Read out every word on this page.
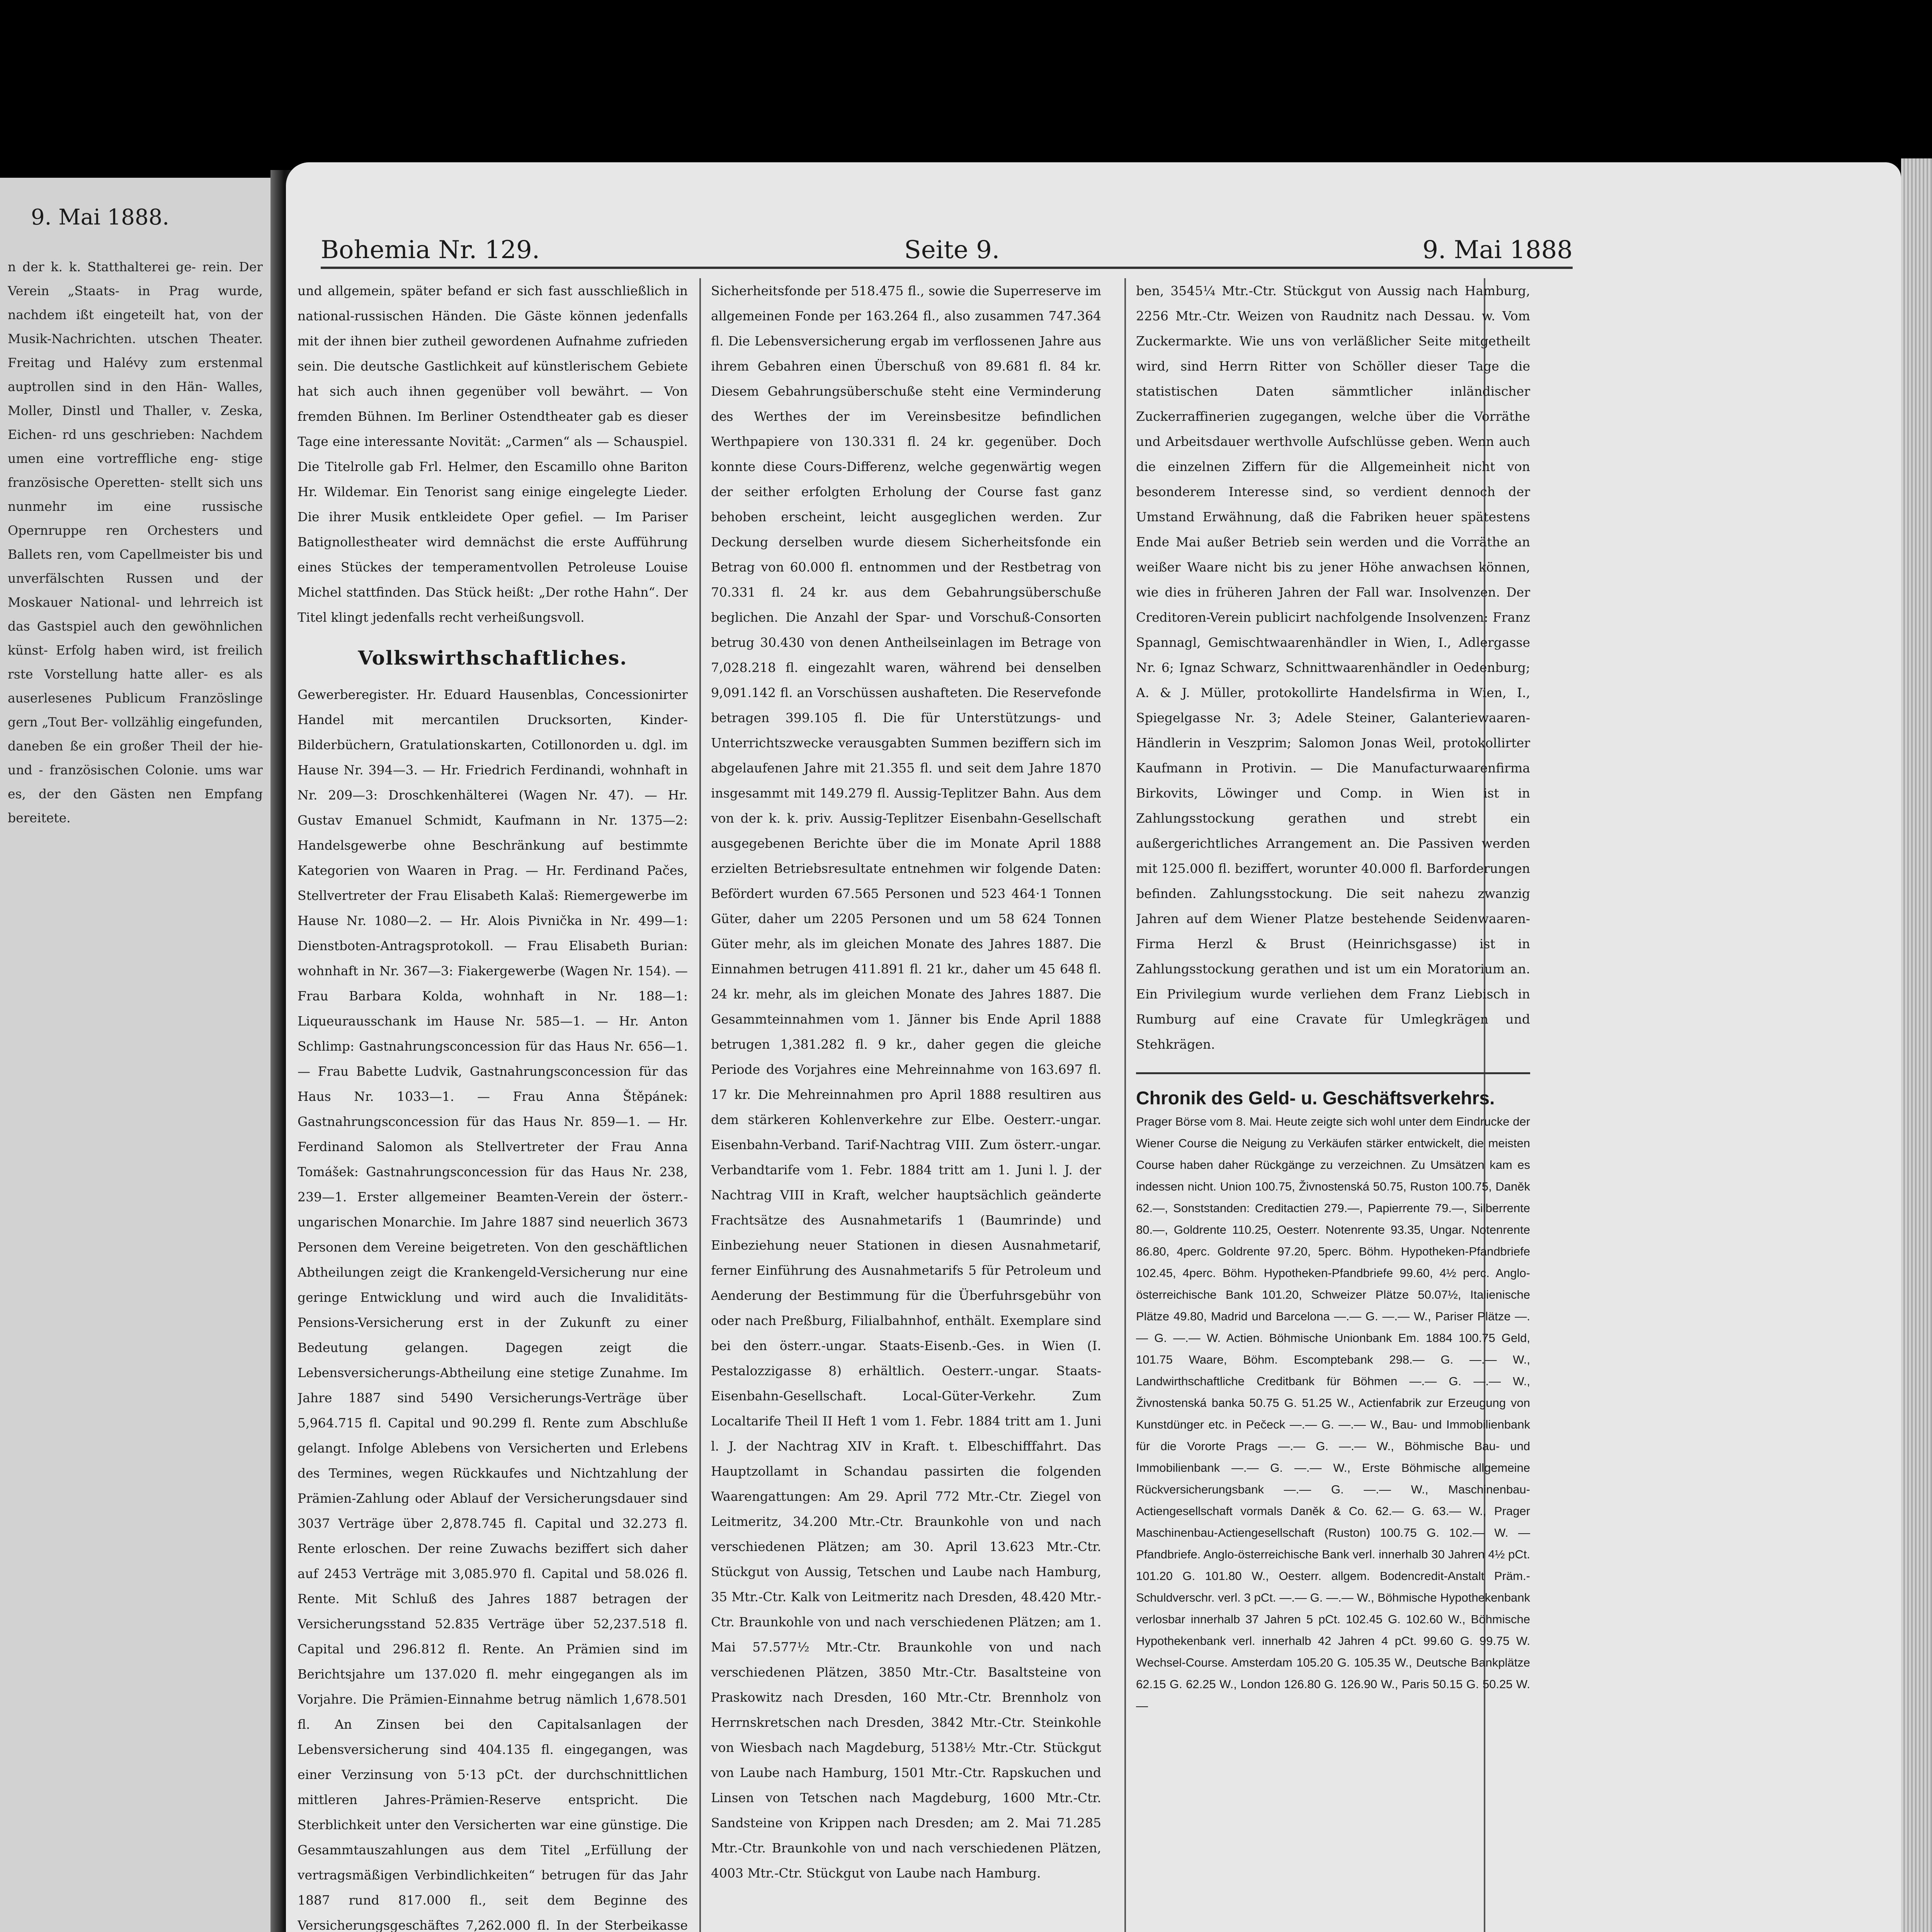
9. Mai 1888.
n der k. k. Statthalterei ge- rein. Der Verein „Staats- in Prag wurde, nachdem ißt eingeteilt hat, von der Musik-Nachrichten. utschen Theater. Freitag und Halévy zum erstenmal auptrollen sind in den Hän- Walles, Moller, Dinstl und Thaller, v. Zeska, Eichen- rd uns geschrieben: Nachdem umen eine vortreffliche eng- stige französische Operetten- stellt sich uns nunmehr im eine russische Opernruppe ren Orchesters und Ballets ren, vom Capellmeister bis und unverfälschten Russen und der Moskauer National- und lehrreich ist das Gastspiel auch den gewöhnlichen künst- Erfolg haben wird, ist freilich rste Vorstellung hatte aller- es als auserlesenes Publicum Französlinge gern „Tout Ber- vollzählig eingefunden, daneben ße ein großer Theil der hie- und - französischen Colonie. ums war es, der den Gästen nen Empfang bereitete.
Bohemia Nr. 129.	Seite 9.	9. Mai 1888
und allgemein, später befand er sich fast ausschließlich in national-russischen Händen. Die Gäste können jedenfalls mit der ihnen bier zutheil gewordenen Aufnahme zufrieden sein. Die deutsche Gastlichkeit auf künstlerischem Gebiete hat sich auch ihnen gegenüber voll bewährt. — Von fremden Bühnen. Im Berliner Ostendtheater gab es dieser Tage eine interessante Novität: „Carmen“ als — Schauspiel. Die Titelrolle gab Frl. Helmer, den Escamillo ohne Bariton Hr. Wildemar. Ein Tenorist sang einige eingelegte Lieder. Die ihrer Musik entkleidete Oper gefiel. — Im Pariser Batignollestheater wird demnächst die erste Aufführung eines Stückes der temperamentvollen Petroleuse Louise Michel stattfinden. Das Stück heißt: „Der rothe Hahn“. Der Titel klingt jedenfalls recht verheißungsvoll.
Volkswirthschaftliches.
Gewerberegister. Hr. Eduard Hausenblas, Concessionirter Handel mit mercantilen Drucksorten, Kinder-Bilderbüchern, Gratulationskarten, Cotillonorden u. dgl. im Hause Nr. 394—3. — Hr. Friedrich Ferdinandi, wohnhaft in Nr. 209—3: Droschkenhälterei (Wagen Nr. 47). — Hr. Gustav Emanuel Schmidt, Kaufmann in Nr. 1375—2: Handelsgewerbe ohne Beschränkung auf bestimmte Kategorien von Waaren in Prag. — Hr. Ferdinand Pačes, Stellvertreter der Frau Elisabeth Kalaš: Riemergewerbe im Hause Nr. 1080—2. — Hr. Alois Pivnička in Nr. 499—1: Dienstboten-Antragsprotokoll. — Frau Elisabeth Burian: wohnhaft in Nr. 367—3: Fiakergewerbe (Wagen Nr. 154). — Frau Barbara Kolda, wohnhaft in Nr. 188—1: Liqueurausschank im Hause Nr. 585—1. — Hr. Anton Schlimp: Gastnahrungsconcession für das Haus Nr. 656—1. — Frau Babette Ludvik, Gastnahrungsconcession für das Haus Nr. 1033—1. — Frau Anna Štěpánek: Gastnahrungsconcession für das Haus Nr. 859—1. — Hr. Ferdinand Salomon als Stellvertreter der Frau Anna Tomášek: Gastnahrungsconcession für das Haus Nr. 238, 239—1. Erster allgemeiner Beamten-Verein der österr.-ungarischen Monarchie. Im Jahre 1887 sind neuerlich 3673 Personen dem Vereine beigetreten. Von den geschäftlichen Abtheilungen zeigt die Krankengeld-Versicherung nur eine geringe Entwicklung und wird auch die Invaliditäts-Pensions-Versicherung erst in der Zukunft zu einer Bedeutung gelangen. Dagegen zeigt die Lebensversicherungs-Abtheilung eine stetige Zunahme. Im Jahre 1887 sind 5490 Versicherungs-Verträge über 5,964.715 fl. Capital und 90.299 fl. Rente zum Abschluße gelangt. Infolge Ablebens von Versicherten und Erlebens des Termines, wegen Rückkaufes und Nichtzahlung der Prämien-Zahlung oder Ablauf der Versicherungsdauer sind 3037 Verträge über 2,878.745 fl. Capital und 32.273 fl. Rente erloschen. Der reine Zuwachs beziffert sich daher auf 2453 Verträge mit 3,085.970 fl. Capital und 58.026 fl. Rente. Mit Schluß des Jahres 1887 betragen der Versicherungsstand 52.835 Verträge über 52,237.518 fl. Capital und 296.812 fl. Rente. An Prämien sind im Berichtsjahre um 137.020 fl. mehr eingegangen als im Vorjahre. Die Prämien-Einnahme betrug nämlich 1,678.501 fl. An Zinsen bei den Capitalsanlagen der Lebensversicherung sind 404.135 fl. eingegangen, was einer Verzinsung von 5·13 pCt. der durchschnittlichen mittleren Jahres-Prämien-Reserve entspricht. Die Sterblichkeit unter den Versicherten war eine günstige. Die Gesammtauszahlungen aus dem Titel „Erfüllung der vertragsmäßigen Verbindlichkeiten“ betrugen für das Jahr 1887 rund 817.000 fl., seit dem Beginne des Versicherungsgeschäftes 7,262.000 fl. In der Sterbeikasse
Sicherheitsfonde per 518.475 fl., sowie die Superreserve im allgemeinen Fonde per 163.264 fl., also zusammen 747.364 fl. Die Lebensversicherung ergab im verflossenen Jahre aus ihrem Gebahren einen Überschuß von 89.681 fl. 84 kr. Diesem Gebahrungsüberschuße steht eine Verminderung des Werthes der im Vereinsbesitze befindlichen Werthpapiere von 130.331 fl. 24 kr. gegenüber. Doch konnte diese Cours-Differenz, welche gegenwärtig wegen der seither erfolgten Erholung der Course fast ganz behoben erscheint, leicht ausgeglichen werden. Zur Deckung derselben wurde diesem Sicherheitsfonde ein Betrag von 60.000 fl. entnommen und der Restbetrag von 70.331 fl. 24 kr. aus dem Gebahrungsüberschuße beglichen. Die Anzahl der Spar- und Vorschuß-Consorten betrug 30.430 von denen Antheilseinlagen im Betrage von 7,028.218 fl. eingezahlt waren, während bei denselben 9,091.142 fl. an Vorschüssen aushafteten. Die Reservefonde betragen 399.105 fl. Die für Unterstützungs- und Unterrichtszwecke verausgabten Summen beziffern sich im abgelaufenen Jahre mit 21.355 fl. und seit dem Jahre 1870 insgesammt mit 149.279 fl. Aussig-Teplitzer Bahn. Aus dem von der k. k. priv. Aussig-Teplitzer Eisenbahn-Gesellschaft ausgegebenen Berichte über die im Monate April 1888 erzielten Betriebsresultate entnehmen wir folgende Daten: Befördert wurden 67.565 Personen und 523 464·1 Tonnen Güter, daher um 2205 Personen und um 58 624 Tonnen Güter mehr, als im gleichen Monate des Jahres 1887. Die Einnahmen betrugen 411.891 fl. 21 kr., daher um 45 648 fl. 24 kr. mehr, als im gleichen Monate des Jahres 1887. Die Gesammteinnahmen vom 1. Jänner bis Ende April 1888 betrugen 1,381.282 fl. 9 kr., daher gegen die gleiche Periode des Vorjahres eine Mehreinnahme von 163.697 fl. 17 kr. Die Mehreinnahmen pro April 1888 resultiren aus dem stärkeren Kohlenverkehre zur Elbe. Oesterr.-ungar. Eisenbahn-Verband. Tarif-Nachtrag VIII. Zum österr.-ungar. Verbandtarife vom 1. Febr. 1884 tritt am 1. Juni l. J. der Nachtrag VIII in Kraft, welcher hauptsächlich geänderte Frachtsätze des Ausnahmetarifs 1 (Baumrinde) und Einbeziehung neuer Stationen in diesen Ausnahmetarif, ferner Einführung des Ausnahmetarifs 5 für Petroleum und Aenderung der Bestimmung für die Überfuhrsgebühr von oder nach Preßburg, Filialbahnhof, enthält. Exemplare sind bei den österr.-ungar. Staats-Eisenb.-Ges. in Wien (I. Pestalozzigasse 8) erhältlich. Oesterr.-ungar. Staats-Eisenbahn-Gesellschaft. Local-Güter-Verkehr. Zum Localtarife Theil II Heft 1 vom 1. Febr. 1884 tritt am 1. Juni l. J. der Nachtrag XIV in Kraft. t. Elbeschifffahrt. Das Hauptzollamt in Schandau passirten die folgenden Waarengattungen: Am 29. April 772 Mtr.-Ctr. Ziegel von Leitmeritz, 34.200 Mtr.-Ctr. Braunkohle von und nach verschiedenen Plätzen; am 30. April 13.623 Mtr.-Ctr. Stückgut von Aussig, Tetschen und Laube nach Hamburg, 35 Mtr.-Ctr. Kalk von Leitmeritz nach Dresden, 48.420 Mtr.-Ctr. Braunkohle von und nach verschiedenen Plätzen; am 1. Mai 57.577½ Mtr.-Ctr. Braunkohle von und nach verschiedenen Plätzen, 3850 Mtr.-Ctr. Basaltsteine von Praskowitz nach Dresden, 160 Mtr.-Ctr. Brennholz von Herrnskretschen nach Dresden, 3842 Mtr.-Ctr. Steinkohle von Wiesbach nach Magdeburg, 5138½ Mtr.-Ctr. Stückgut von Laube nach Hamburg, 1501 Mtr.-Ctr. Rapskuchen und Linsen von Tetschen nach Magdeburg, 1600 Mtr.-Ctr. Sandsteine von Krippen nach Dresden; am 2. Mai 71.285 Mtr.-Ctr. Braunkohle von und nach verschiedenen Plätzen, 4003 Mtr.-Ctr. Stückgut von Laube nach Hamburg.
ben, 3545¼ Mtr.-Ctr. Stückgut von Aussig nach Hamburg, 2256 Mtr.-Ctr. Weizen von Raudnitz nach Dessau. w. Vom Zuckermarkte. Wie uns von verläßlicher Seite mitgetheilt wird, sind Herrn Ritter von Schöller dieser Tage die statistischen Daten sämmtlicher inländischer Zuckerraffinerien zugegangen, welche über die Vorräthe und Arbeitsdauer werthvolle Aufschlüsse geben. Wenn auch die einzelnen Ziffern für die Allgemeinheit nicht von besonderem Interesse sind, so verdient dennoch der Umstand Erwähnung, daß die Fabriken heuer spätestens Ende Mai außer Betrieb sein werden und die Vorräthe an weißer Waare nicht bis zu jener Höhe anwachsen können, wie dies in früheren Jahren der Fall war. Insolvenzen. Der Creditoren-Verein publicirt nachfolgende Insolvenzen: Franz Spannagl, Gemischtwaarenhändler in Wien, I., Adlergasse Nr. 6; Ignaz Schwarz, Schnittwaarenhändler in Oedenburg; A. & J. Müller, protokollirte Handelsfirma in Wien, I., Spiegelgasse Nr. 3; Adele Steiner, Galanteriewaaren-Händlerin in Veszprim; Salomon Jonas Weil, protokollirter Kaufmann in Protivin. — Die Manufacturwaarenfirma Birkovits, Löwinger und Comp. in Wien ist in Zahlungsstockung gerathen und strebt ein außergerichtliches Arrangement an. Die Passiven werden mit 125.000 fl. beziffert, worunter 40.000 fl. Barforderungen befinden. Zahlungsstockung. Die seit nahezu zwanzig Jahren auf dem Wiener Platze bestehende Seidenwaaren-Firma Herzl & Brust (Heinrichsgasse) ist in Zahlungsstockung gerathen und ist um ein Moratorium an. Ein Privilegium wurde verliehen dem Franz Liebisch in Rumburg auf eine Cravate für Umlegkrägen und Stehkrägen.
Chronik des Geld- u. Geschäftsverkehrs.
Prager Börse vom 8. Mai. Heute zeigte sich wohl unter dem Eindrucke der Wiener Course die Neigung zu Verkäufen stärker entwickelt, die meisten Course haben daher Rückgänge zu verzeichnen. Zu Umsätzen kam es indessen nicht. Union 100.75, Živnostenská 50.75, Ruston 100.75, Daněk 62.—, Sonststanden: Creditactien 279.—, Papierrente 79.—, Silberrente 80.—, Goldrente 110.25, Oesterr. Notenrente 93.35, Ungar. Notenrente 86.80, 4perc. Goldrente 97.20, 5perc. Böhm. Hypotheken-Pfandbriefe 102.45, 4perc. Böhm. Hypotheken-Pfandbriefe 99.60, 4½ perc. Anglo-österreichische Bank 101.20, Schweizer Plätze 50.07½, Italienische Plätze 49.80, Madrid und Barcelona —.— G. —.— W., Pariser Plätze —.— G. —.— W. Actien. Böhmische Unionbank Em. 1884 100.75 Geld, 101.75 Waare, Böhm. Escomptebank 298.— G. —.— W., Landwirthschaftliche Creditbank für Böhmen —.— G. —.— W., Živnostenská banka 50.75 G. 51.25 W., Actienfabrik zur Erzeugung von Kunstdünger etc. in Pečeck —.— G. —.— W., Bau- und Immobilienbank für die Vororte Prags —.— G. —.— W., Böhmische Bau- und Immobilienbank —.— G. —.— W., Erste Böhmische allgemeine Rückversicherungsbank —.— G. —.— W., Maschinenbau-Actiengesellschaft vormals Daněk & Co. 62.— G. 63.— W., Prager Maschinenbau-Actiengesellschaft (Ruston) 100.75 G. 102.— W. — Pfandbriefe. Anglo-österreichische Bank verl. innerhalb 30 Jahren 4½ pCt. 101.20 G. 101.80 W., Oesterr. allgem. Bodencredit-Anstalt Präm.-Schuldverschr. verl. 3 pCt. —.— G. —.— W., Böhmische Hypothekenbank verlosbar innerhalb 37 Jahren 5 pCt. 102.45 G. 102.60 W., Böhmische Hypothekenbank verl. innerhalb 42 Jahren 4 pCt. 99.60 G. 99.75 W. Wechsel-Course. Amsterdam 105.20 G. 105.35 W., Deutsche Bankplätze 62.15 G. 62.25 W., London 126.80 G. 126.90 W., Paris 50.15 G. 50.25 W. —
